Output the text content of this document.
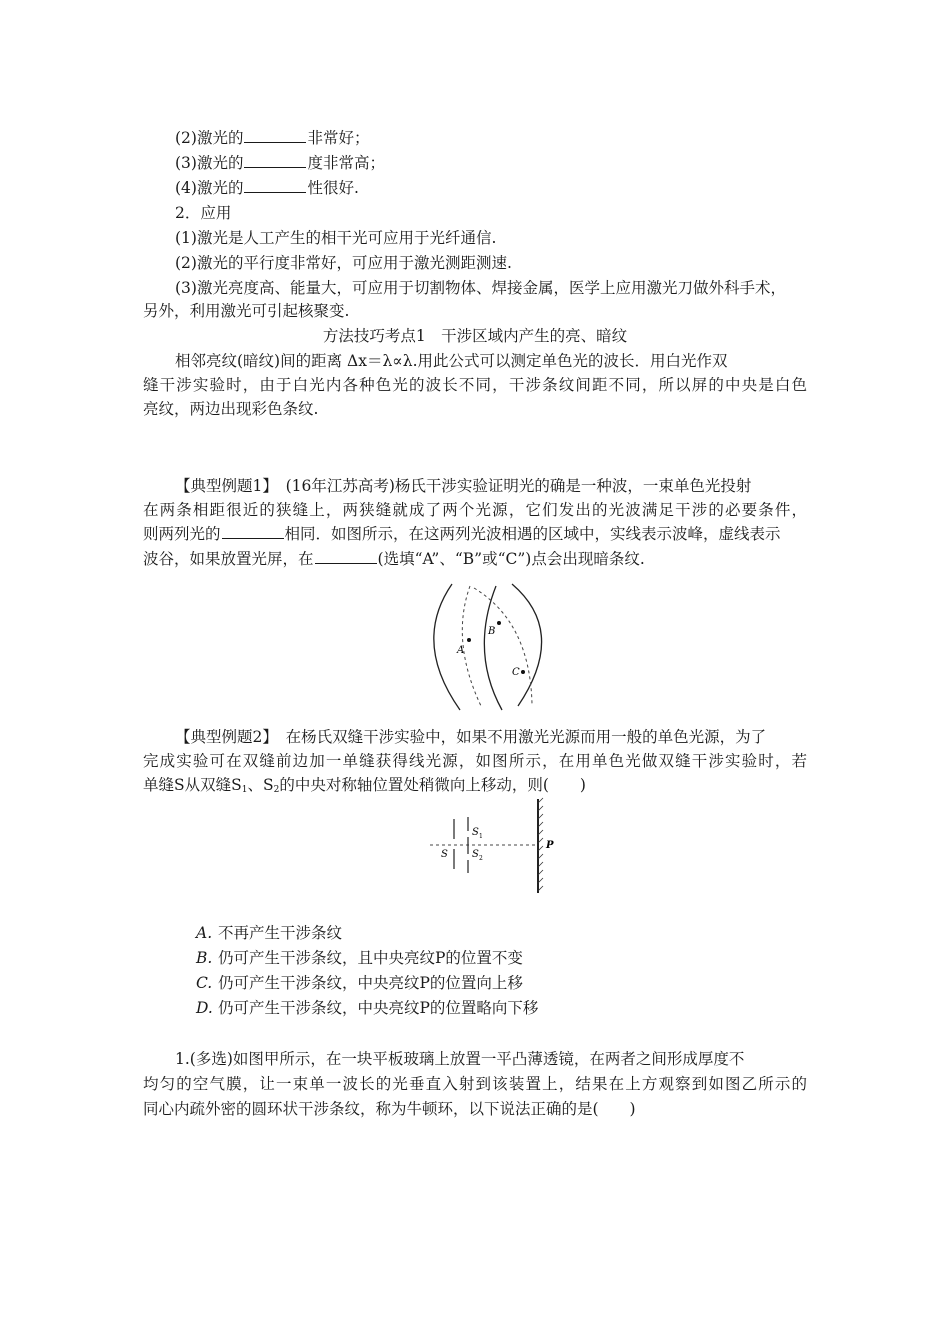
(2)激光的	非常好；
(3)激光的	度非常高；
(4)激光的	性很好.
2．应用
(1)激光是人工产生的相干光可应用于光纤通信.
(2)激光的平行度非常好，可应用于激光测距测速.
(3)激光亮度高、能量大，可应用于切割物体、焊接金属，医学上应用激光刀做外科手术，
另外，利用激光可引起核聚变.
方法技巧考点1　干涉区域内产生的亮、暗纹
相邻亮纹(暗纹)间的距离 Δx＝λ∝λ.用此公式可以测定单色光的波长．用白光作双
缝干涉实验时，由于白光内各种色光的波长不同，干涉条纹间距不同，所以屏的中央是白色
亮纹，两边出现彩色条纹.
【典型例题1】　(16年江苏高考)杨氏干涉实验证明光的确是一种波，一束单色光投射
在两条相距很近的狭缝上，两狭缝就成了两个光源，它们发出的光波满足干涉的必要条件，
则两列光的	相同．如图所示，在这两列光波相遇的区域中，实线表示波峰，虚线表示
波谷，如果放置光屏，在	(选填“A”、“B”或“C”)点会出现暗条纹.
A
B
C
【典型例题2】　在杨氏双缝干涉实验中，如果不用激光光源而用一般的单色光源，为了
完成实验可在双缝前边加一单缝获得线光源，如图所示，在用单色光做双缝干涉实验时，若
单缝S从双缝$S_1$、$S_2$的中央对称轴位置处稍微向上移动，则(　　)
S
S 1
S 2
P
A. 不再产生干涉条纹
B. 仍可产生干涉条纹，且中央亮纹P的位置不变
C. 仍可产生干涉条纹，中央亮纹P的位置向上移
D. 仍可产生干涉条纹，中央亮纹P的位置略向下移
1.(多选)如图甲所示，在一块平板玻璃上放置一平凸薄透镜，在两者之间形成厚度不
均匀的空气膜，让一束单一波长的光垂直入射到该装置上，结果在上方观察到如图乙所示的
同心内疏外密的圆环状干涉条纹，称为牛顿环，以下说法正确的是(　　)
